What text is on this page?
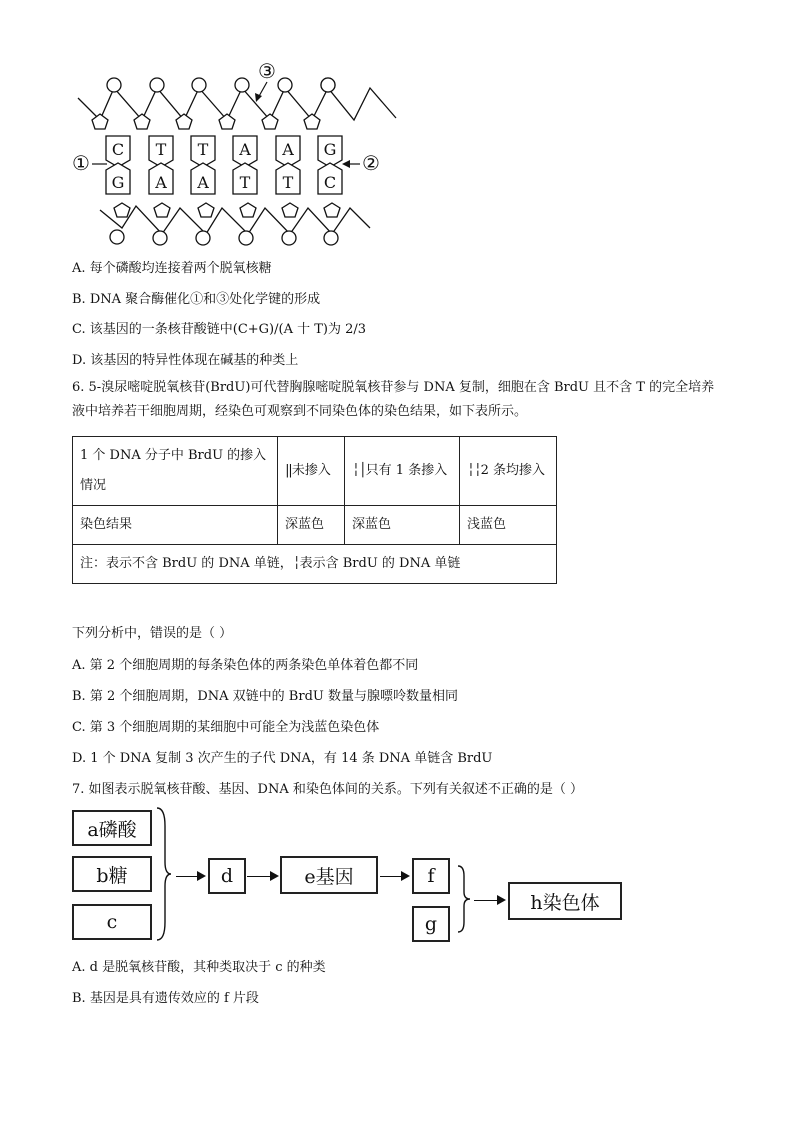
C T T A A G
G A A T T C
①	②
③
A. 每个磷酸均连接着两个脱氧核糖
B. DNA 聚合酶催化①和③处化学键的形成
C. 该基因的一条核苷酸链中(C+G)/(A 十 T)为 2/3
D. 该基因的特异性体现在碱基的种类上
6. 5-溴尿嘧啶脱氧核苷(BrdU)可代替胸腺嘧啶脱氧核苷参与 DNA 复制，细胞在含 BrdU 且不含 T 的完全培养液中培养若干细胞周期，经染色可观察到不同染色体的染色结果，如下表所示。
1 个 DNA 分子中 BrdU 的掺入情况	‖未掺入	╎│只有 1 条掺入	╎╎2 条均掺入
染色结果	深蓝色	深蓝色	浅蓝色
注：表示不含 BrdU 的 DNA 单链，╎表示含 BrdU 的 DNA 单链			
下列分析中，错误的是（ ）
A. 第 2 个细胞周期的每条染色体的两条染色单体着色都不同
B. 第 2 个细胞周期，DNA 双链中的 BrdU 数量与腺嘌呤数量相同
C. 第 3 个细胞周期的某细胞中可能全为浅蓝色染色体
D. 1 个 DNA 复制 3 次产生的子代 DNA，有 14 条 DNA 单链含 BrdU
7. 如图表示脱氧核苷酸、基因、DNA 和染色体间的关系。下列有关叙述不正确的是（ ）
a磷酸
b糖
c
d	e基因	f
g
h染色体
A. d 是脱氧核苷酸，其种类取决于 c 的种类
B. 基因是具有遗传效应的 f 片段
